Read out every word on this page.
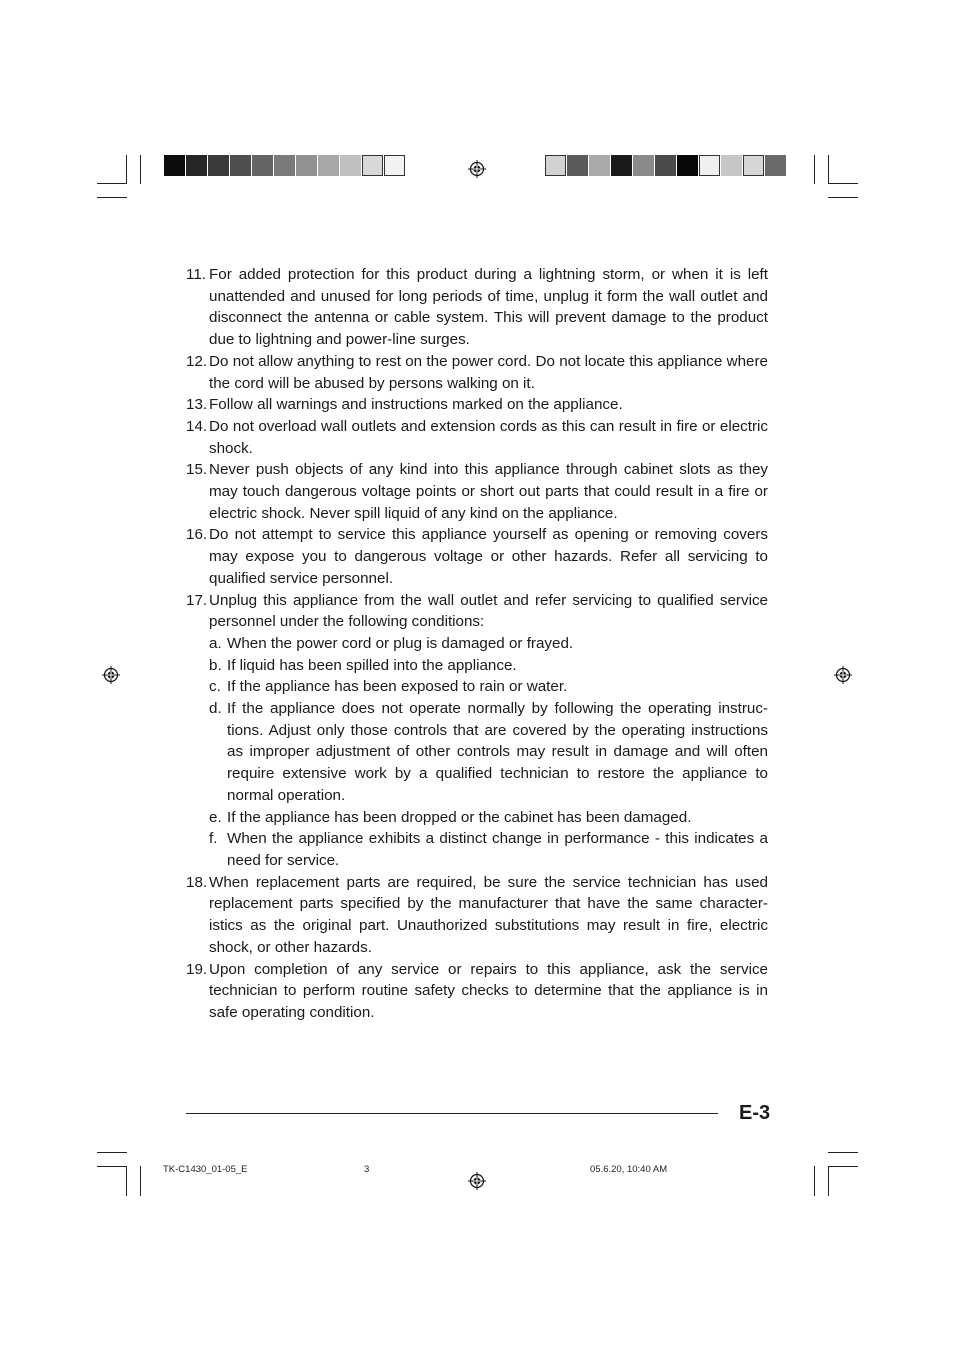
11. For added protection for this product during a lightning storm, or when it is left unattended and unused for long periods of time, unplug it form the wall outlet and disconnect the antenna or cable system. This will prevent damage to the product due to lightning and power-line surges.
12. Do not allow anything to rest on the power cord. Do not locate this appliance where the cord will be abused by persons walking on it.
13. Follow all warnings and instructions marked on the appliance.
14. Do not overload wall outlets and extension cords as this can result in fire or electric shock.
15. Never push objects of any kind into this appliance through cabinet slots as they may touch dangerous voltage points or short out parts that could result in a fire or electric shock. Never spill liquid of any kind on the appliance.
16. Do not attempt to service this appliance yourself as opening or removing covers may expose you to dangerous voltage or other hazards. Refer all servicing to qualified service personnel.
17. Unplug this appliance from the wall outlet and refer servicing to qualified service personnel under the following conditions:
a. When the power cord or plug is damaged or frayed.
b. If liquid has been spilled into the appliance.
c. If the appliance has been exposed to rain or water.
d. If the appliance does not operate normally by following the operating instruc-tions. Adjust only those controls that are covered by the operating instructions as improper adjustment of other controls may result in damage and will often require extensive work by a qualified technician to restore the appliance to normal operation.
e. If the appliance has been dropped or the cabinet has been damaged.
f. When the appliance exhibits a distinct change in performance - this indicates a need for service.
18. When replacement parts are required, be sure the service technician has used replacement parts specified by the manufacturer that have the same character-istics as the original part. Unauthorized substitutions may result in fire, electric shock, or other hazards.
19. Upon completion of any service or repairs to this appliance, ask the service technician to perform routine safety checks to determine that the appliance is in safe operating condition.
E-3
TK-C1430_01-05_E	3	05.6.20, 10:40 AM
